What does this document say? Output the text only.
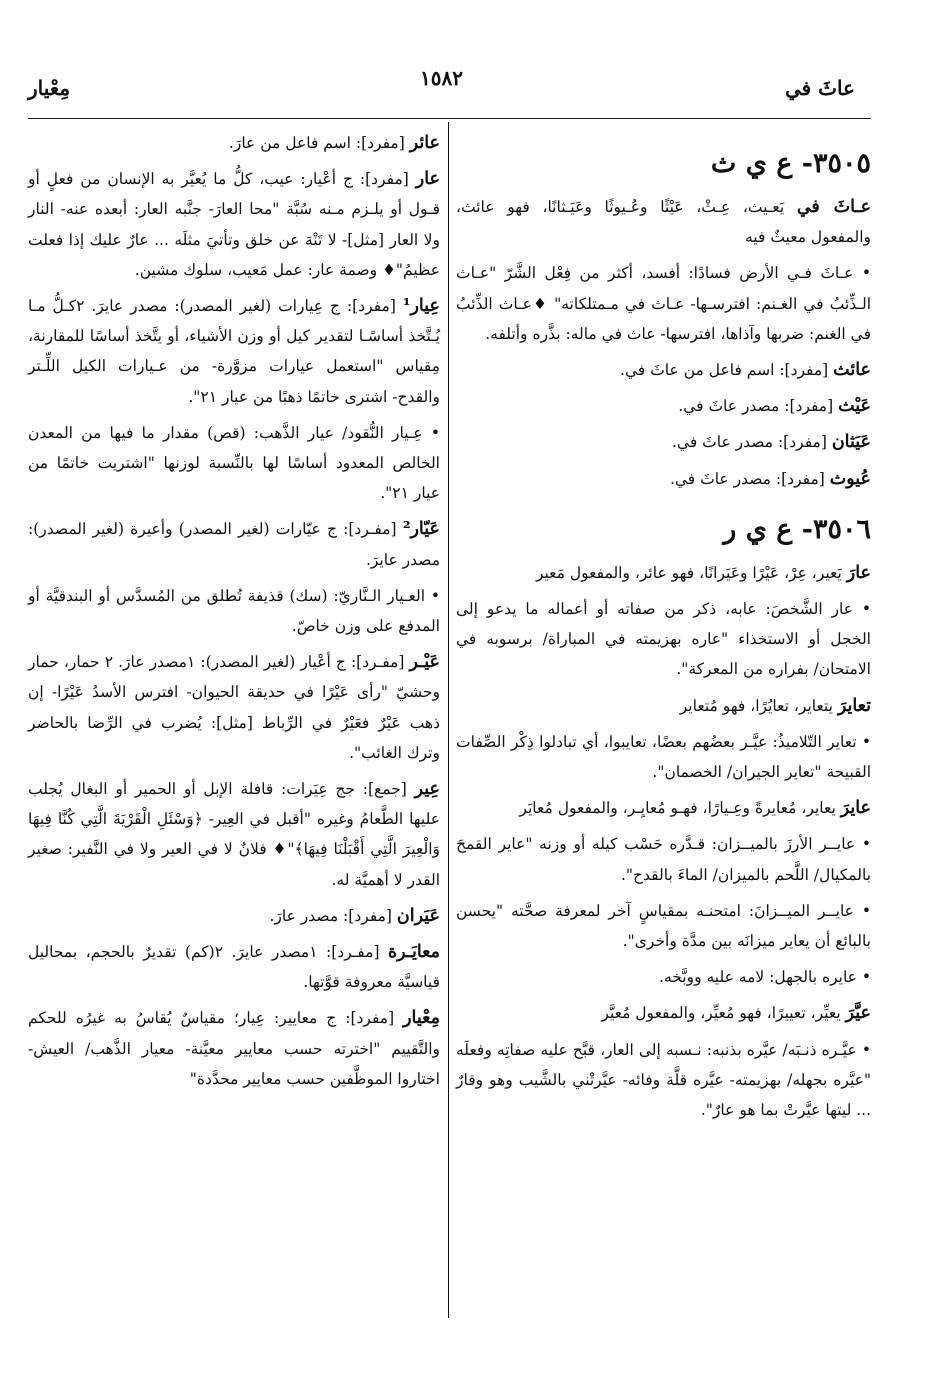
عاثَ في
١٥٨٢
مِعْيار
٣٥٠٥- ع ي ث

عـاثَ في يَعـيث، عِـثْ، عَيْثًا وعُـيوثًا وعَيَـثانًا، فهو عائث، والمفعول معيثٌ فيه

• عـاثَ فـي الأرض فسادًا: أفسد، أكثر من فِعْل الشَّرّ "عـاث الـذِّئبُ في الغـنم: افترسـها- عـاث في مـمتلكاته" ♦عـاث الذِّئبُ في الغنم: ضربها وآذاها، افترسها- عاث في ماله: بذَّره وأتلفه.

عائث [مفرد]: اسم فاعل من عاثَ في.

عَيْث [مفرد]: مصدر عاثَ في.

عَيَثان [مفرد]: مصدر عاثَ في.

عُيوث [مفرد]: مصدر عاثَ في.

٣٥٠٦- ع ي ر

عارَ يَعير، عِرْ، عَيْرًا وعَيَرانًا، فهو عائر، والمفعول مَعير

• عار الشَّخصَ: عابه، ذكر من صفاته أو أعماله ما يدعو إلى الخجل أو الاستخذاء "عاره بهزيمته في المباراة/ برسوبه في الامتحان/ بفراره من المعركة".

تعايرَ يتعاير، تعايُرًا، فهو مُتعاير

• تعاير التّلاميذُ: عيَّـر بعضُهم بعضًا، تعايبوا، أي تبادلوا ذِكْر الصِّفات القبيحة "تعاير الجيران/ الخصمان".

عايرَ يعاير، مُعايرةً وعِـيارًا، فهـو مُعايِـر، والمفعول مُعايَر

• عايــر الأرزَ بالميــزان: قـدَّره حَسْب كيله أو وزنه "عاير القمحَ بالمكيال/ اللَّحم بالميزان/ الماءَ بالقدح".

• عايــر الميــزانَ: امتحنـه بمقياسٍ آخر لمعرفة صحَّته "يحسن بالبائع أن يعاير ميزانَه بين مدَّة وأخرى".

• عايره بالجهل: لامه عليه ووبَّخه.

عيَّرَ يعيِّر، تعييرًا، فهو مُعيِّر، والمفعول مُعيَّر

• عيَّـره ذنـبَه/ عيَّره بذنبه: نـسبه إلى العار، قبَّح عليه صفاتِه وفعلَه "عيَّره بجهله/ بهزيمته- عيَّره قلَّة وفائه- عيَّرتْني بالشَّيب وهو وقارٌ ... ليتها عيَّرتْ بما هو عارٌ".

عائر [مفرد]: اسم فاعل من عارَ.

عار [مفرد]: ج أعْيار: عيب، كلُّ ما يُعيَّر به الإنسان من فعلٍ أو قـول أو يلـزم مـنه سُبَّة "محا العارَ- جنَّبه العار: أبعده عنه- النار ولا العار [مثل]- لا تَنْهَ عن خلق وتأتيَ مثلَه ... عارٌ عليك إذا فعلت عظيمُ"♦ وصمة عار: عمل مَعيب، سلوك مشين.

عِيار¹ [مفرد]: ج عِيارات (لغير المصدر): مصدر عايرَ. ٢كـلُّ مـا يُـتَّخذ أساسًـا لتقدير كيل أو وزن الأشياء، أو يتَّخذ أساسًا للمقارنة، مِقياس "استعمل عيارات مزوَّرة- من عـيارات الكيل اللِّـتر والقدح- اشترى خاتمًا ذهبًا من عيار ٢١".

• عِـيار النُّقود/ عيار الذَّهب: (قص) مقدار ما فيها من المعدن الخالص المعدود أساسًا لها بالنِّسبة لوزنها "اشتريت خاتمًا من عيار ٢١".

عَيّار² [مفـرد]: ج عيّارات (لغير المصدر) وأعيرة (لغير المصدر): مصدر عايرَ.

• العـيار الـنَّاريّ: (سك) قذيفة تُطلق من المُسدَّس أو البندقيَّة أو المدفع على وزن خاصّ.

عَيْـر [مفـرد]: ج أعْيار (لغير المصدر): ١مصدر عارَ. ٢ حمار، حمار وحشيّ "رأى عَيْرًا في حديقة الحيوان- افترس الأسدُ عَيْرًا- إن ذهب عَيْرٌ فعَيْرٌ في الرِّباط [مثل]: يُضرب في الرِّضا بالحاضر وترك الغائب".

عِير [جمع]: جج عِيَرات: قافلة الإبل أو الحمير أو البغال يُجلب عليها الطَّعامُ وغيره "أقبل في العِير- ﴿وَسْئَلِ الْقَرْيَةَ الَّتِي كُنَّا فِيهَا وَالْعِيرَ الَّتِي أَقْبَلْنَا فِيهَا﴾"♦ فلانٌ لا في العير ولا في النَّفير: صغير القدر لا أهميَّة له.

عَيَران [مفرد]: مصدر عارَ.

معايَـرة [مفـرد]: ١مصدر عايرَ. ٢(كم) تقديرٌ بالحجم، بمحاليل قياسيَّة معروفة قوَّتها.

مِعْيار [مفرد]: ج معايير: عِيار؛ مقياسٌ يُقاسُ به غيرُه للحكم والتَّقييم "اخترته حسب معايير معيَّنة- معيار الذَّهب/ العيش- اختاروا الموظَّفين حسب معايير محدَّدة"
